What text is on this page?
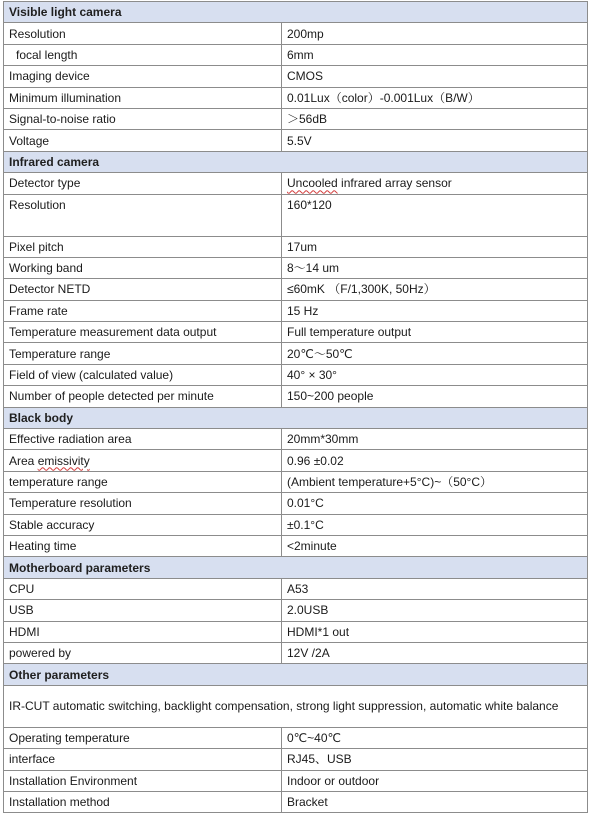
Visible light camera	
Resolution	200mp
focal length	6mm
Imaging device	CMOS
Minimum illumination	0.01Lux（color）-0.001Lux（B/W）
Signal-to-noise ratio	＞56dB
Voltage	5.5V
Infrared camera	
Detector type	Uncooled infrared array sensor
Resolution	160*120
Pixel pitch	17um
Working band	8～14 um
Detector NETD	≤60mK （F/1,300K, 50Hz）
Frame rate	15 Hz
Temperature measurement data output	Full temperature output
Temperature range	20℃～50℃
Field of view (calculated value)	40° × 30°
Number of people detected per minute	150~200 people
Black body	
Effective radiation area	20mm*30mm
Area emissivity	0.96 ±0.02
temperature range	(Ambient temperature+5°C)~（50°C）
Temperature resolution	0.01°C
Stable accuracy	±0.1°C
Heating time	<2minute
Motherboard parameters	
CPU	A53
USB	2.0USB
HDMI	HDMI*1 out
powered by	12V /2A
Other parameters	
IR-CUT automatic switching, backlight compensation, strong light suppression, automatic white balance	
Operating temperature	0℃~40℃
interface	RJ45、USB
Installation Environment	Indoor or outdoor
Installation method	Bracket
